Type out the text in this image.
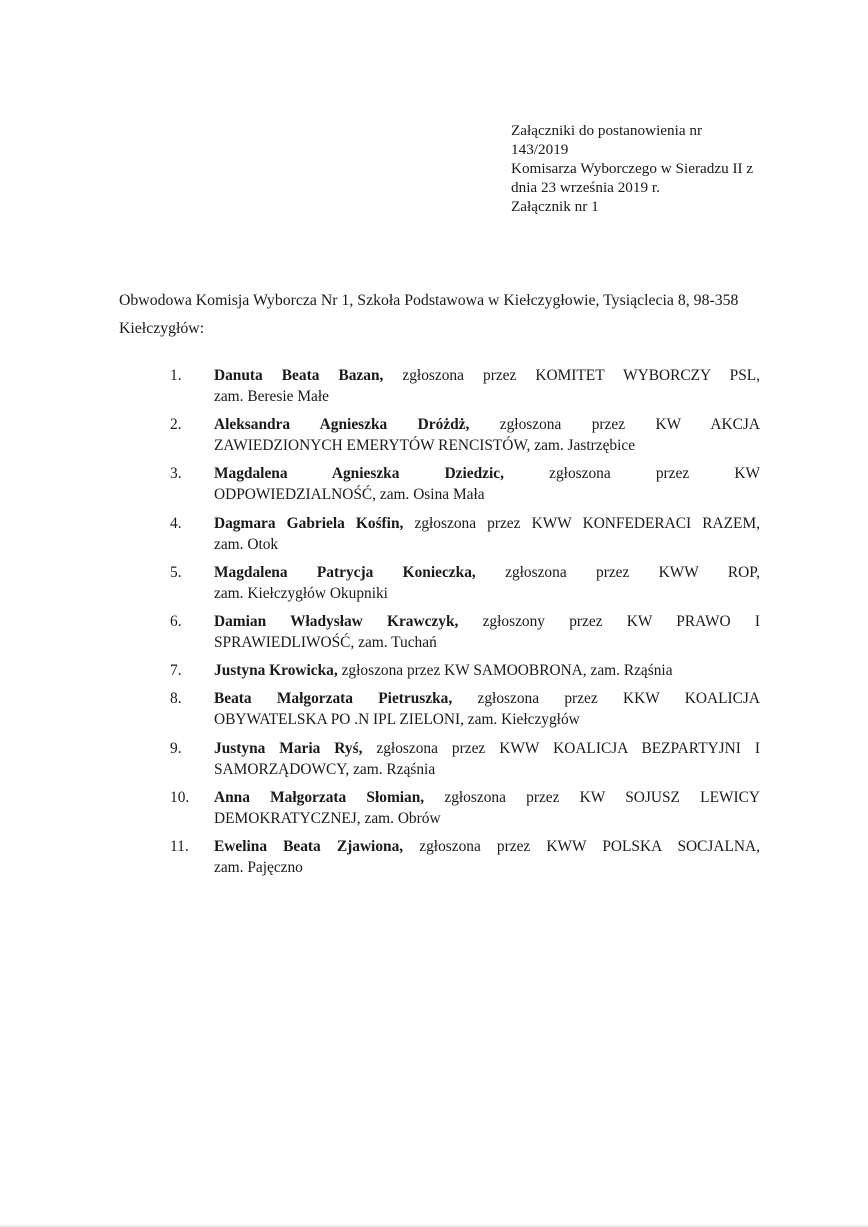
Załączniki do postanowienia nr
143/2019
Komisarza Wyborczego w Sieradzu II z
dnia 23 września 2019 r.
Załącznik nr 1
Obwodowa Komisja Wyborcza Nr 1, Szkoła Podstawowa w Kiełczygłowie, Tysiąclecia 8, 98-358 Kiełczygłów:
1.	Danuta Beata Bazan, zgłoszona przez KOMITET WYBORCZY PSL,
zam. Beresie Małe
2.	Aleksandra Agnieszka Dróżdż, zgłoszona przez KW AKCJA
ZAWIEDZIONYCH EMERYTÓW RENCISTÓW, zam. Jastrzębice
3.	Magdalena Agnieszka Dziedzic,	zgłoszona przez KW
ODPOWIEDZIALNOŚĆ, zam. Osina Mała
4.	Dagmara Gabriela Kośfin, zgłoszona przez KWW KONFEDERACI RAZEM,
zam. Otok
5.	Magdalena Patrycja Konieczka, zgłoszona przez KWW ROP,
zam. Kiełczygłów Okupniki
6.	Damian Władysław Krawczyk, zgłoszony przez KW PRAWO I
SPRAWIEDLIWOŚĆ, zam. Tuchań
7.	Justyna Krowicka, zgłoszona przez KW SAMOOBRONA, zam. Rząśnia
8.	Beata Małgorzata Pietruszka, zgłoszona przez KKW KOALICJA
OBYWATELSKA PO .N IPL ZIELONI, zam. Kiełczygłów
9.	Justyna Maria Ryś, zgłoszona przez KWW KOALICJA BEZPARTYJNI I
SAMORZĄDOWCY, zam. Rząśnia
10.	Anna Małgorzata Słomian, zgłoszona przez KW SOJUSZ LEWICY
DEMOKRATYCZNEJ, zam. Obrów
11.	Ewelina Beata Zjawiona, zgłoszona przez KWW POLSKA SOCJALNA,
zam. Pajęczno
